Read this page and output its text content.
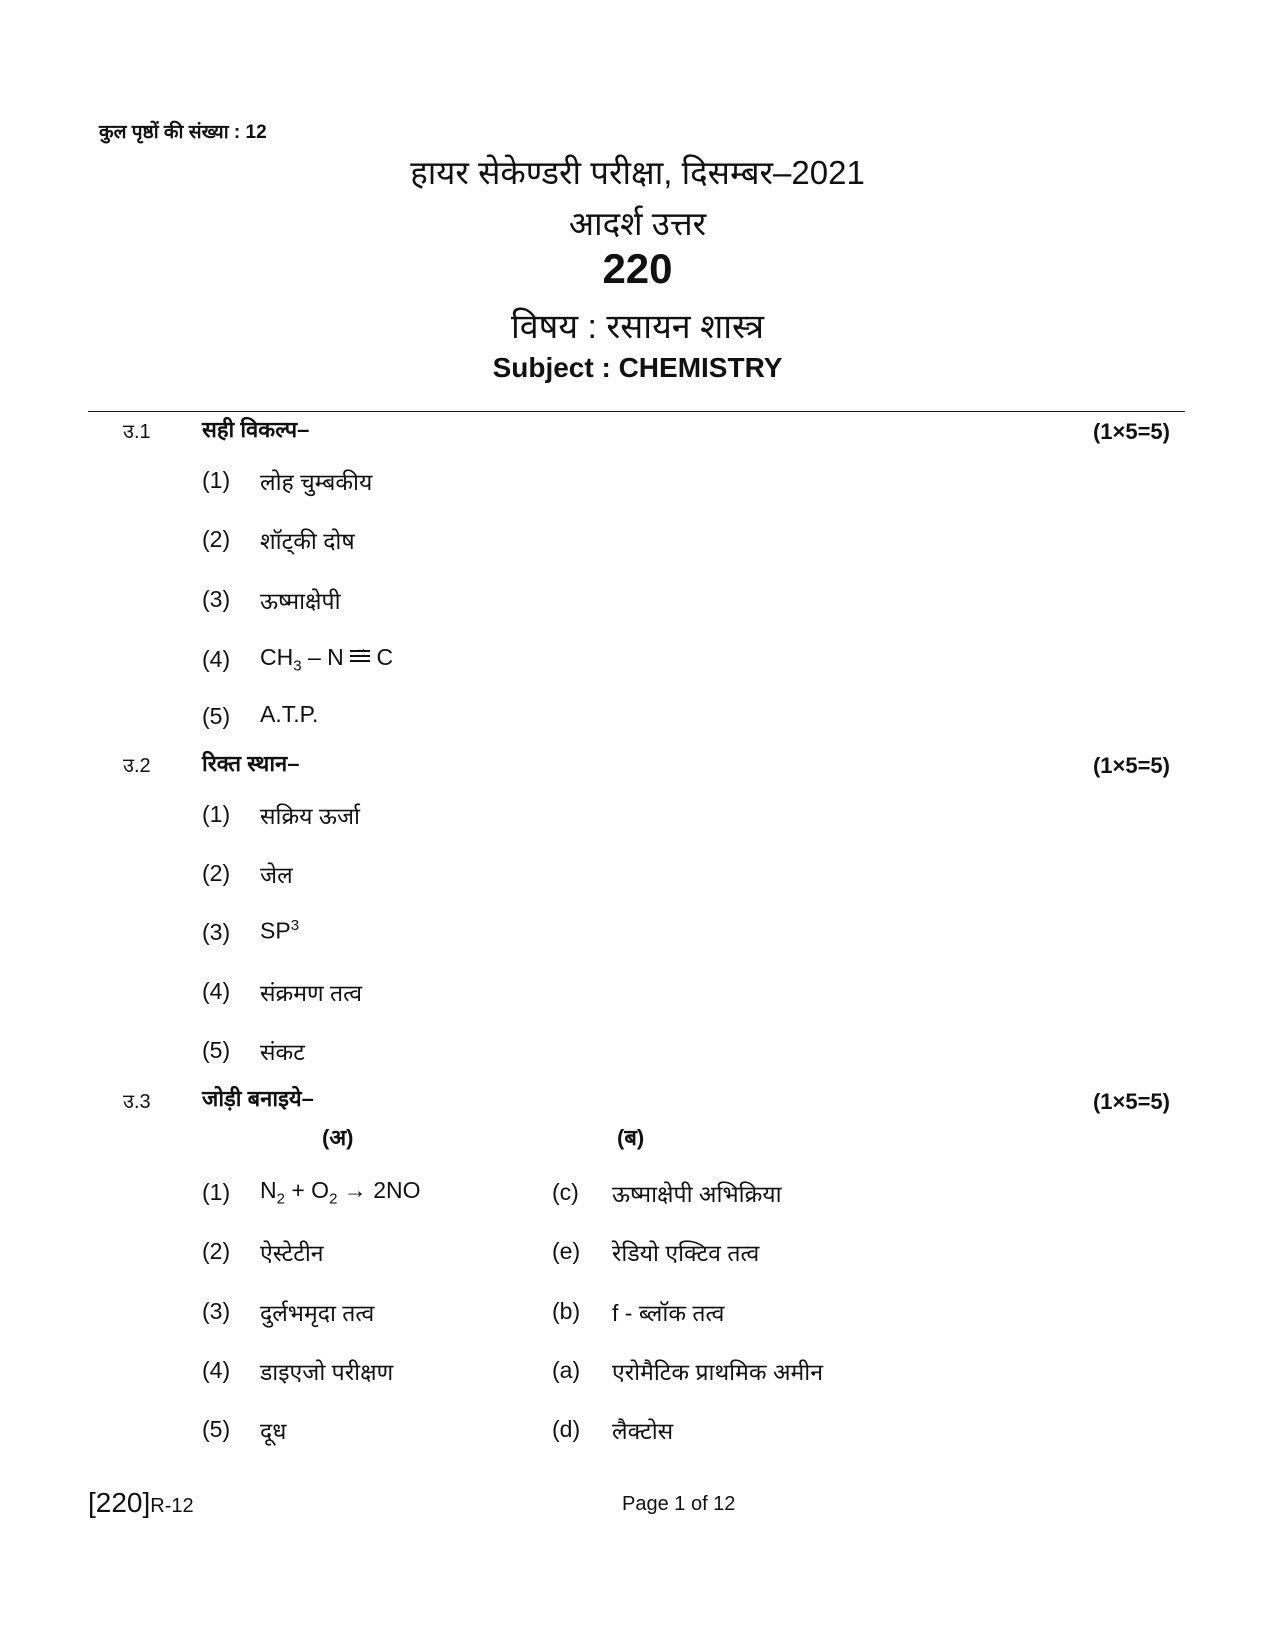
कुल पृष्ठों की संख्या : 12
हायर सेकेण्डरी परीक्षा, दिसम्बर–2021
आदर्श उत्तर
220
विषय : रसायन शास्त्र
Subject : CHEMISTRY
उ.1 सही विकल्प–	(1×5=5)
(1) लोह चुम्बकीय
(2) शॉट्की दोष
(3) ऊष्माक्षेपी
(4) $CH_3 - N \to C$
(5) A.T.P.
उ.2 रिक्त स्थान–	(1×5=5)
(1) सक्रिय ऊर्जा
(2) जेल
(3) $SP^3$
(4) संक्रमण तत्व
(5) संकट
उ.3 जोड़ी बनाइये–	(1×5=5)
(अ)	(ब)
(1) $N_2 + O_2 \to 2NO$	(c) ऊष्माक्षेपी अभिक्रिया
(2) ऐस्टेटीन	(e) रेडियो एक्टिव तत्व
(3) दुर्लभमृदा तत्व	(b) f - ब्लॉक तत्व
(4) डाइएजो परीक्षण	(a) एरोमैटिक प्राथमिक अमीन
(5) दूध	(d) लैक्टोस
[220]R-12	Page 1 of 12
